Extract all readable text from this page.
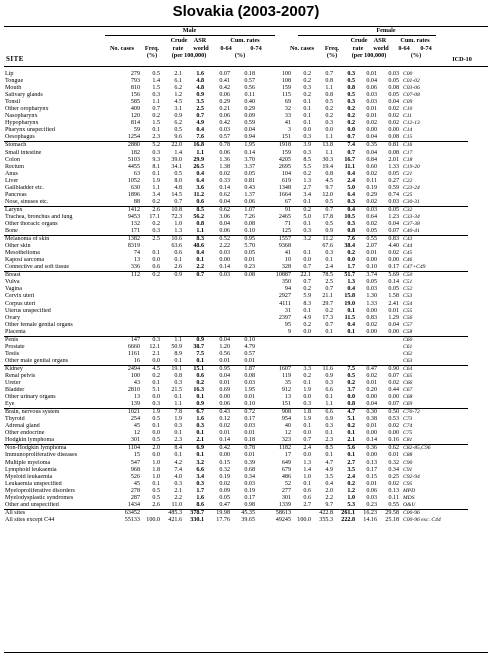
Slovakia (2003-2007)
Male	Female
Crude	ASR	Cum. rates
No. cases	Freq.	rate	world	0-64	0-74
(%)	(per 100,000)	(%)
Crude	ASR	Cum. rates
No. cases	Freq.	rate	world	0-64	0-74
(%)	(per 100,000)	(%)
SITE	ICD-10
Lip	279	0.5	2.1	1.6	0.07	0.18	100	0.2	0.7	0.3	0.01	0.03	C00
Tongue	793	1.4	6.1	4.8	0.41	0.57	108	0.2	0.8	0.5	0.04	0.05	C01-02
Mouth	810	1.5	6.2	4.8	0.42	0.56	159	0.3	1.1	0.8	0.06	0.08	C03-06
Salivary glands	156	0.3	1.2	0.9	0.06	0.11	115	0.2	0.8	0.5	0.03	0.05	C07-08
Tonsil	585	1.1	4.5	3.5	0.29	0.40	69	0.1	0.5	0.3	0.03	0.04	C09
Other oropharynx	409	0.7	3.1	2.5	0.21	0.29	32	0.1	0.2	0.2	0.01	0.02	C10
Nasopharynx	120	0.2	0.9	0.7	0.06	0.09	33	0.1	0.2	0.2	0.01	0.02	C11
Hypopharynx	814	1.5	6.2	4.9	0.42	0.59	41	0.1	0.3	0.2	0.02	0.02	C12-13
Pharynx unspecified	59	0.1	0.5	0.4	0.03	0.04	3	0.0	0.0	0.0	0.00	0.00	C14
Oesophagus	1254	2.3	9.6	7.6	0.57	0.94	151	0.3	1.1	0.7	0.04	0.08	C15
Stomach	2880	5.2	22.0	16.8	0.78	1.95	1918	3.9	13.8	7.4	0.35	0.81	C16
Small intestine	182	0.3	1.4	1.1	0.06	0.14	159	0.3	1.1	0.7	0.04	0.08	C17
Colon	5103	9.3	39.0	29.9	1.36	3.70	4205	8.5	30.3	16.7	0.84	2.01	C18
Rectum	4455	8.1	34.1	26.5	1.38	3.37	2695	5.5	19.4	11.1	0.60	1.33	C19-20
Anus	63	0.1	0.5	0.4	0.02	0.05	104	0.2	0.8	0.4	0.02	0.05	C21
Liver	1052	1.9	8.0	6.4	0.33	0.81	619	1.3	4.5	2.4	0.11	0.27	C22
Gallbladder etc.	630	1.1	4.8	3.6	0.14	0.43	1348	2.7	9.7	5.0	0.19	0.59	C23-24
Pancreas	1896	3.4	14.5	11.2	0.62	1.37	1664	3.4	12.0	6.4	0.29	0.74	C25
Nose, sinuses etc.	88	0.2	0.7	0.6	0.04	0.06	67	0.1	0.5	0.3	0.02	0.03	C30-31
Larynx	1412	2.6	10.8	8.5	0.62	1.07	91	0.2	0.7	0.4	0.03	0.05	C32
Trachea, bronchus and lung	9453	17.1	72.3	56.2	3.06	7.26	2465	5.0	17.8	10.5	0.64	1.23	C33-34
Other thoracic organs	132	0.2	1.0	0.8	0.04	0.08	71	0.1	0.5	0.3	0.02	0.04	C37-38
Bone	171	0.3	1.3	1.1	0.06	0.10	125	0.3	0.9	0.8	0.05	0.07	C40-41
Melanoma of skin	1382	2.5	10.6	8.3	0.52	0.95	1557	3.2	11.2	7.6	0.55	0.83	C43
Other skin	8319		63.6	48.6	2.22	5.70	9368		67.6	38.4	2.07	4.40	C44
Mesothelioma	74	0.1	0.6	0.4	0.03	0.05	41	0.1	0.3	0.2	0.01	0.02	C45
Kaposi sarcoma	13	0.0	0.1	0.1	0.00	0.01	10	0.0	0.1	0.0	0.00	0.00	C46
Connective and soft tissue	336	0.6	2.6	2.2	0.14	0.23	328	0.7	2.4	1.7	0.10	0.17	C47+C49
Breast	112	0.2	0.9	0.7	0.03	0.08	10887	22.1	78.5	51.7	3.74	5.69	C50
Vulva							350	0.7	2.5	1.3	0.05	0.14	C51
Vagina							94	0.2	0.7	0.4	0.03	0.05	C52
Cervix uteri							2927	5.9	21.1	15.8	1.30	1.58	C53
Corpus uteri							4111	8.3	29.7	19.0	1.33	2.41	C54
Uterus unspecified							31	0.1	0.2	0.1	0.00	0.01	C55
Ovary							2397	4.9	17.3	11.5	0.83	1.29	C56
Other female genital organs							95	0.2	0.7	0.4	0.02	0.04	C57
Placenta							9	0.0	0.1	0.1	0.00	0.00	C58
Penis	147	0.3	1.1	0.9	0.04	0.10							C60
Prostate	6660	12.1	50.9	38.7	1.20	4.79							C61
Testis	1161	2.1	8.9	7.5	0.56	0.57							C62
Other male genital organs	16	0.0	0.1	0.1	0.01	0.01							C63
Kidney	2494	4.5	19.1	15.1	0.95	1.87	1607	3.3	11.6	7.5	0.47	0.90	C64
Renal pelvis	100	0.2	0.8	0.6	0.04	0.08	119	0.2	0.9	0.5	0.02	0.07	C65
Ureter	43	0.1	0.3	0.2	0.01	0.03	35	0.1	0.3	0.2	0.01	0.02	C66
Bladder	2810	5.1	21.5	16.3	0.69	1.95	912	1.9	6.6	3.7	0.20	0.44	C67
Other urinary organs	13	0.0	0.1	0.1	0.00	0.01	13	0.0	0.1	0.0	0.00	0.00	C68
Eye	139	0.3	1.1	0.9	0.06	0.10	151	0.3	1.1	0.8	0.04	0.07	C69
Brain, nervous system	1021	1.9	7.8	6.7	0.43	0.72	908	1.8	6.6	4.7	0.30	0.50	C70-72
Thyroid	254	0.5	1.9	1.6	0.12	0.17	954	1.9	6.9	5.1	0.38	0.53	C73
Adrenal gland	45	0.1	0.3	0.3	0.02	0.03	40	0.1	0.3	0.2	0.01	0.02	C74
Other endocrine	12	0.0	0.1	0.1	0.01	0.01	12	0.0	0.1	0.1	0.00	0.00	C75
Hodgkin lymphoma	301	0.5	2.3	2.1	0.14	0.18	323	0.7	2.3	2.1	0.14	0.16	C81
Non-Hodgkin lymphoma	1104	2.0	8.4	6.9	0.42	0.78	1182	2.4	8.5	5.6	0.36	0.62	C82-85,C96
Immunoproliferative diseases	15	0.0	0.1	0.1	0.00	0.01	17	0.0	0.1	0.1	0.00	0.01	C88
Multiple myeloma	547	1.0	4.2	3.2	0.15	0.39	649	1.3	4.7	2.7	0.13	0.32	C90
Lymphoid leukaemia	968	1.8	7.4	6.6	0.32	0.68	679	1.4	4.9	3.5	0.17	0.34	C91
Myeloid leukaemia	526	1.0	4.0	3.4	0.19	0.34	486	1.0	3.5	2.4	0.15	0.25	C92-94
Leukaemia unspecified	45	0.1	0.3	0.3	0.02	0.03	52	0.1	0.4	0.2	0.01	0.02	C95
Myeloproliferative disorders	278	0.5	2.1	1.7	0.09	0.19	277	0.6	2.0	1.2	0.06	0.13	MPD
Myelodysplastic syndromes	287	0.5	2.2	1.6	0.05	0.17	301	0.6	2.2	1.0	0.03	0.11	MDS
Other and unspecified	1434	2.6	11.0	8.6	0.47	0.98	1339	2.7	9.7	5.3	0.23	0.55	O&U
All sites	63452		485.3	378.7	19.98	45.35	58613		422.8	261.1	16.23	29.58	C00-96
All sites except C44	55133	100.0	421.6	330.1	17.76	39.65	49245	100.0	355.3	222.8	14.16	25.18	C00-96 exc. C44
